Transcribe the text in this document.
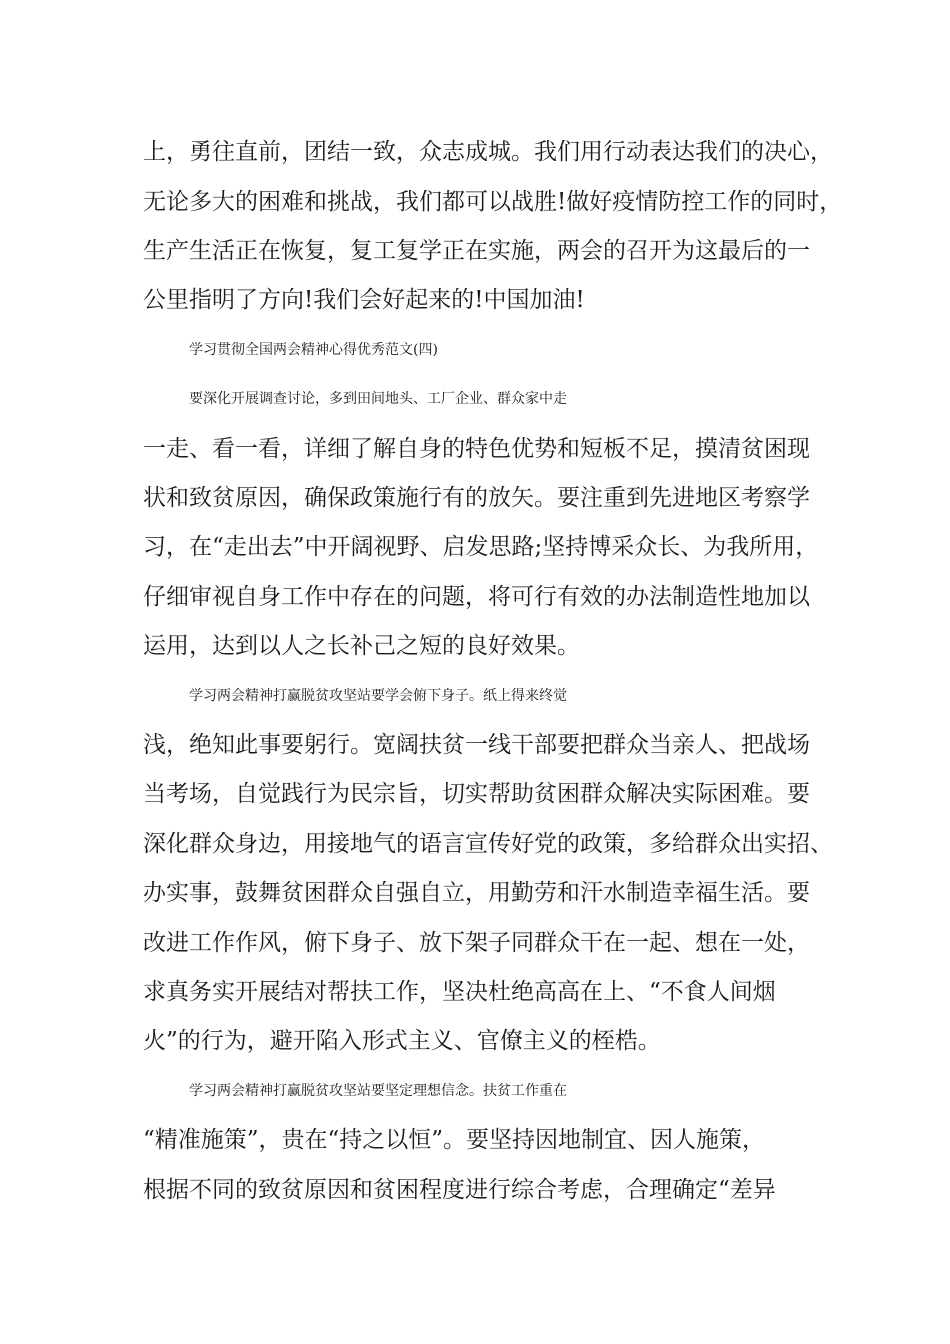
上，勇往直前，团结一致，众志成城。我们用行动表达我们的决心，
无论多大的困难和挑战，我们都可以战胜!做好疫情防控工作的同时，
生产生活正在恢复，复工复学正在实施，两会的召开为这最后的一
公里指明了方向!我们会好起来的!中国加油!
学习贯彻全国两会精神心得优秀范文(四)
要深化开展调查讨论，多到田间地头、工厂企业、群众家中走
一走、看一看，详细了解自身的特色优势和短板不足，摸清贫困现
状和致贫原因，确保政策施行有的放矢。要注重到先进地区考察学
习，在“走出去”中开阔视野、启发思路;坚持博采众长、为我所用，
仔细审视自身工作中存在的问题，将可行有效的办法制造性地加以
运用，达到以人之长补己之短的良好效果。
学习两会精神打赢脱贫攻坚站要学会俯下身子。纸上得来终觉
浅，绝知此事要躬行。宽阔扶贫一线干部要把群众当亲人、把战场
当考场，自觉践行为民宗旨，切实帮助贫困群众解决实际困难。要
深化群众身边，用接地气的语言宣传好党的政策，多给群众出实招、
办实事，鼓舞贫困群众自强自立，用勤劳和汗水制造幸福生活。要
改进工作作风，俯下身子、放下架子同群众干在一起、想在一处，
求真务实开展结对帮扶工作，坚决杜绝高高在上、“不食人间烟
火”的行为，避开陷入形式主义、官僚主义的桎梏。
学习两会精神打赢脱贫攻坚站要坚定理想信念。扶贫工作重在
“精准施策”，贵在“持之以恒”。要坚持因地制宜、因人施策，
根据不同的致贫原因和贫困程度进行综合考虑，合理确定“差异
